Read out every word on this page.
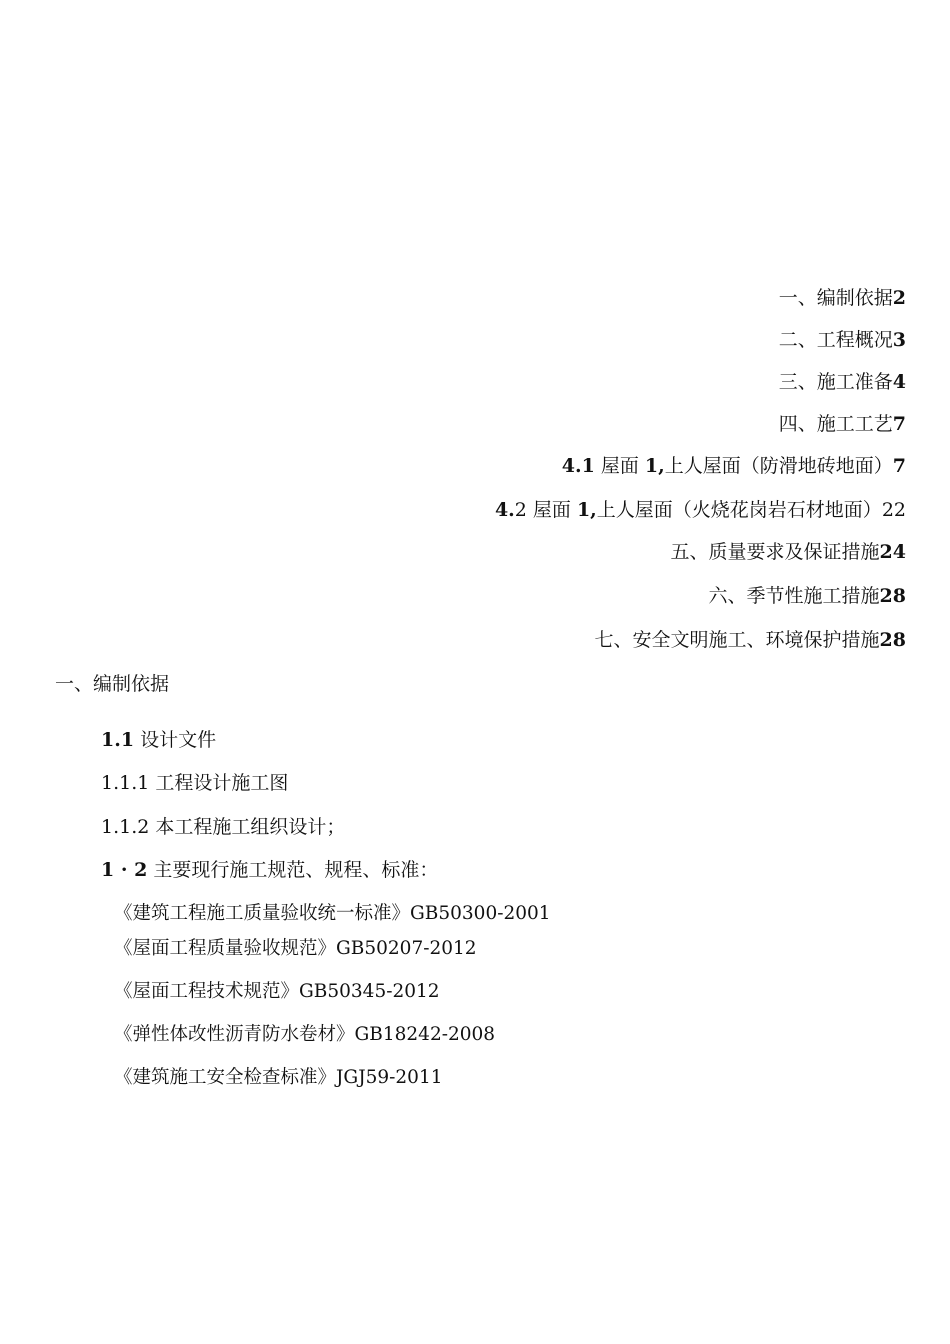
一、编制依据2
二、工程概况3
三、施工准备4
四、施工工艺7
4.1 屋面 1,上人屋面（防滑地砖地面）7
4.2 屋面 1,上人屋面（火烧花岗岩石材地面）22
五、质量要求及保证措施24
六、季节性施工措施28
七、安全文明施工、环境保护措施28
一、编制依据
1.1 设计文件
1.1.1 工程设计施工图
1.1.2 本工程施工组织设计；
1 · 2 主要现行施工规范、规程、标准：
《建筑工程施工质量验收统一标准》GB50300-2001
《屋面工程质量验收规范》GB50207-2012
《屋面工程技术规范》GB50345-2012
《弹性体改性沥青防水卷材》GB18242-2008
《建筑施工安全检查标准》JGJ59-2011
